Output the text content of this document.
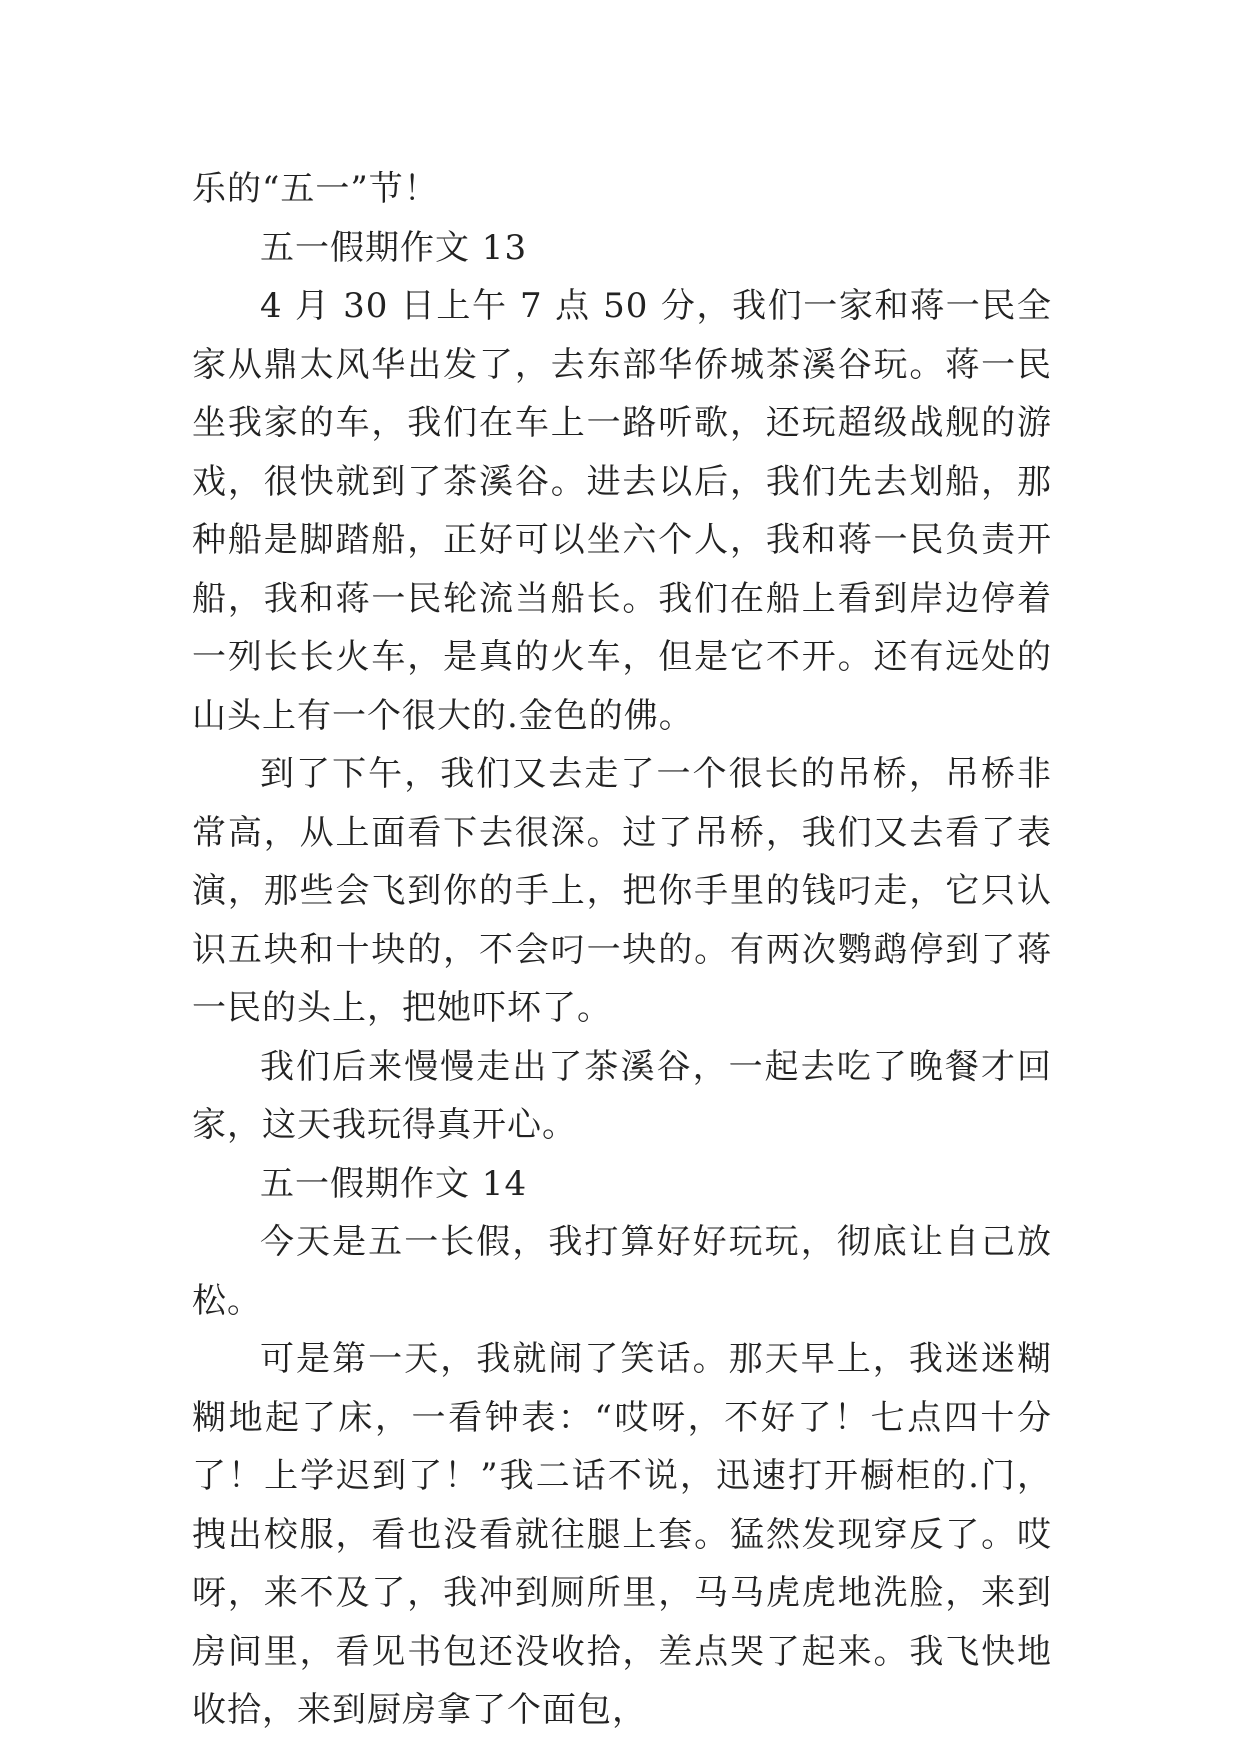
乐的“五一”节！

五一假期作文 13

4 月 30 日上午 7 点 50 分，我们一家和蒋一民全家从鼎太风华出发了，去东部华侨城茶溪谷玩。蒋一民坐我家的车，我们在车上一路听歌，还玩超级战舰的游戏，很快就到了茶溪谷。进去以后，我们先去划船，那种船是脚踏船，正好可以坐六个人，我和蒋一民负责开船，我和蒋一民轮流当船长。我们在船上看到岸边停着一列长长火车，是真的火车，但是它不开。还有远处的山头上有一个很大的.金色的佛。

到了下午，我们又去走了一个很长的吊桥，吊桥非常高，从上面看下去很深。过了吊桥，我们又去看了表演，那些会飞到你的手上，把你手里的钱叼走，它只认识五块和十块的，不会叼一块的。有两次鹦鹉停到了蒋一民的头上，把她吓坏了。

我们后来慢慢走出了茶溪谷，一起去吃了晚餐才回家，这天我玩得真开心。

五一假期作文 14

今天是五一长假，我打算好好玩玩，彻底让自己放松。

可是第一天，我就闹了笑话。那天早上，我迷迷糊糊地起了床，一看钟表：“哎呀，不好了！七点四十分了！上学迟到了！”我二话不说，迅速打开橱柜的.门，拽出校服，看也没看就往腿上套。猛然发现穿反了。哎呀，来不及了，我冲到厕所里，马马虎虎地洗脸，来到房间里，看见书包还没收拾，差点哭了起来。我飞快地收拾，来到厨房拿了个面包，
